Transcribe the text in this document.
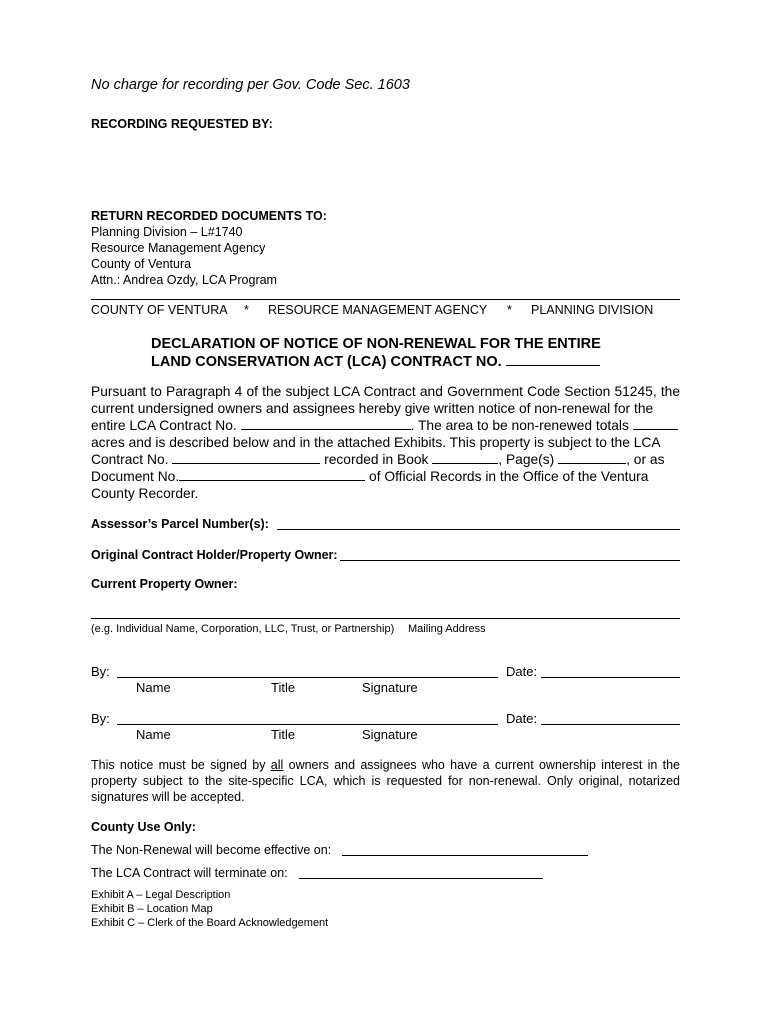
No charge for recording per Gov. Code Sec. 1603
RECORDING REQUESTED BY:
RETURN RECORDED DOCUMENTS TO:
Planning Division – L#1740
Resource Management Agency
County of Ventura
Attn.: Andrea Ozdy, LCA Program
COUNTY OF VENTURA * RESOURCE MANAGEMENT AGENCY * PLANNING DIVISION
DECLARATION OF NOTICE OF NON-RENEWAL FOR THE ENTIRE
LAND CONSERVATION ACT (LCA) CONTRACT NO.
Pursuant to Paragraph 4 of the subject LCA Contract and Government Code Section 51245, the current undersigned owners and assignees hereby give written notice of non-renewal for the
entire LCA Contract No.	. The area to be non-renewed totals
acres and is described below and in the attached Exhibits. This property is subject to the LCA
Contract No.	recorded in Book	, Page(s)	, or as
Document No.	of Official Records in the Office of the Ventura
County Recorder.
Assessor’s Parcel Number(s):
Original Contract Holder/Property Owner:
Current Property Owner:
(e.g. Individual Name, Corporation, LLC, Trust, or Partnership) Mailing Address
By:	Date:
Name	Title	Signature
By:	Date:
Name	Title	Signature
This notice must be signed by all owners and assignees who have a current ownership interest in the property subject to the site-specific LCA, which is requested for non-renewal. Only original, notarized signatures will be accepted.
County Use Only:
The Non-Renewal will become effective on:
The LCA Contract will terminate on:
Exhibit A – Legal Description
Exhibit B – Location Map
Exhibit C – Clerk of the Board Acknowledgement
